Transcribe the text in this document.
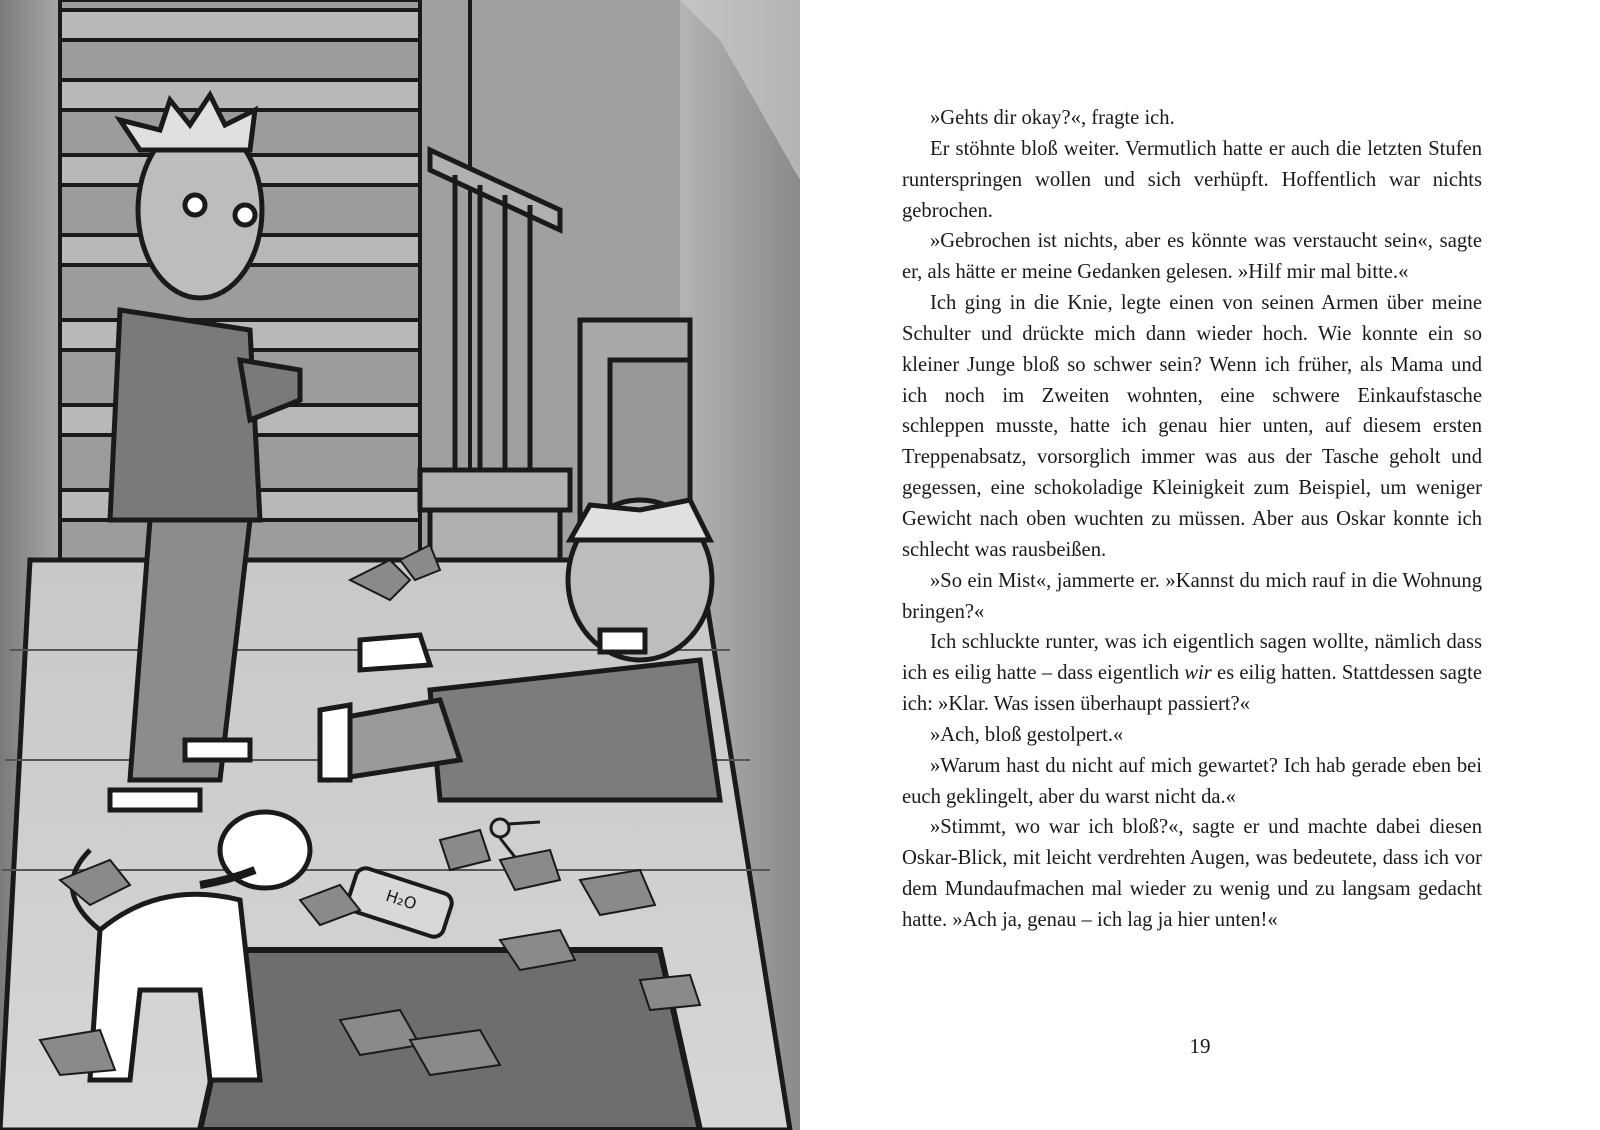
H₂O

»Gehts dir okay?«, fragte ich.

Er stöhnte bloß weiter. Vermutlich hatte er auch die letzten Stufen runterspringen wollen und sich verhüpft. Hoffentlich war nichts gebrochen.

»Gebrochen ist nichts, aber es könnte was verstaucht sein«, sagte er, als hätte er meine Gedanken gelesen. »Hilf mir mal bitte.«

Ich ging in die Knie, legte einen von seinen Armen über meine Schulter und drückte mich dann wieder hoch. Wie konnte ein so kleiner Junge bloß so schwer sein? Wenn ich früher, als Mama und ich noch im Zweiten wohnten, eine schwere Einkaufstasche schleppen musste, hatte ich genau hier unten, auf diesem ersten Treppenabsatz, vorsorglich immer was aus der Tasche geholt und gegessen, eine schokoladige Kleinigkeit zum Beispiel, um weniger Gewicht nach oben wuchten zu müssen. Aber aus Oskar konnte ich schlecht was rausbeißen.

»So ein Mist«, jammerte er. »Kannst du mich rauf in die Wohnung bringen?«

Ich schluckte runter, was ich eigentlich sagen wollte, nämlich dass ich es eilig hatte – dass eigentlich wir es eilig hatten. Stattdessen sagte ich: »Klar. Was issen überhaupt passiert?«

»Ach, bloß gestolpert.«

»Warum hast du nicht auf mich gewartet? Ich hab gerade eben bei euch geklingelt, aber du warst nicht da.«

»Stimmt, wo war ich bloß?«, sagte er und machte dabei diesen Oskar-Blick, mit leicht verdrehten Augen, was bedeutete, dass ich vor dem Mundaufmachen mal wieder zu wenig und zu langsam gedacht hatte. »Ach ja, genau – ich lag ja hier unten!«

19
